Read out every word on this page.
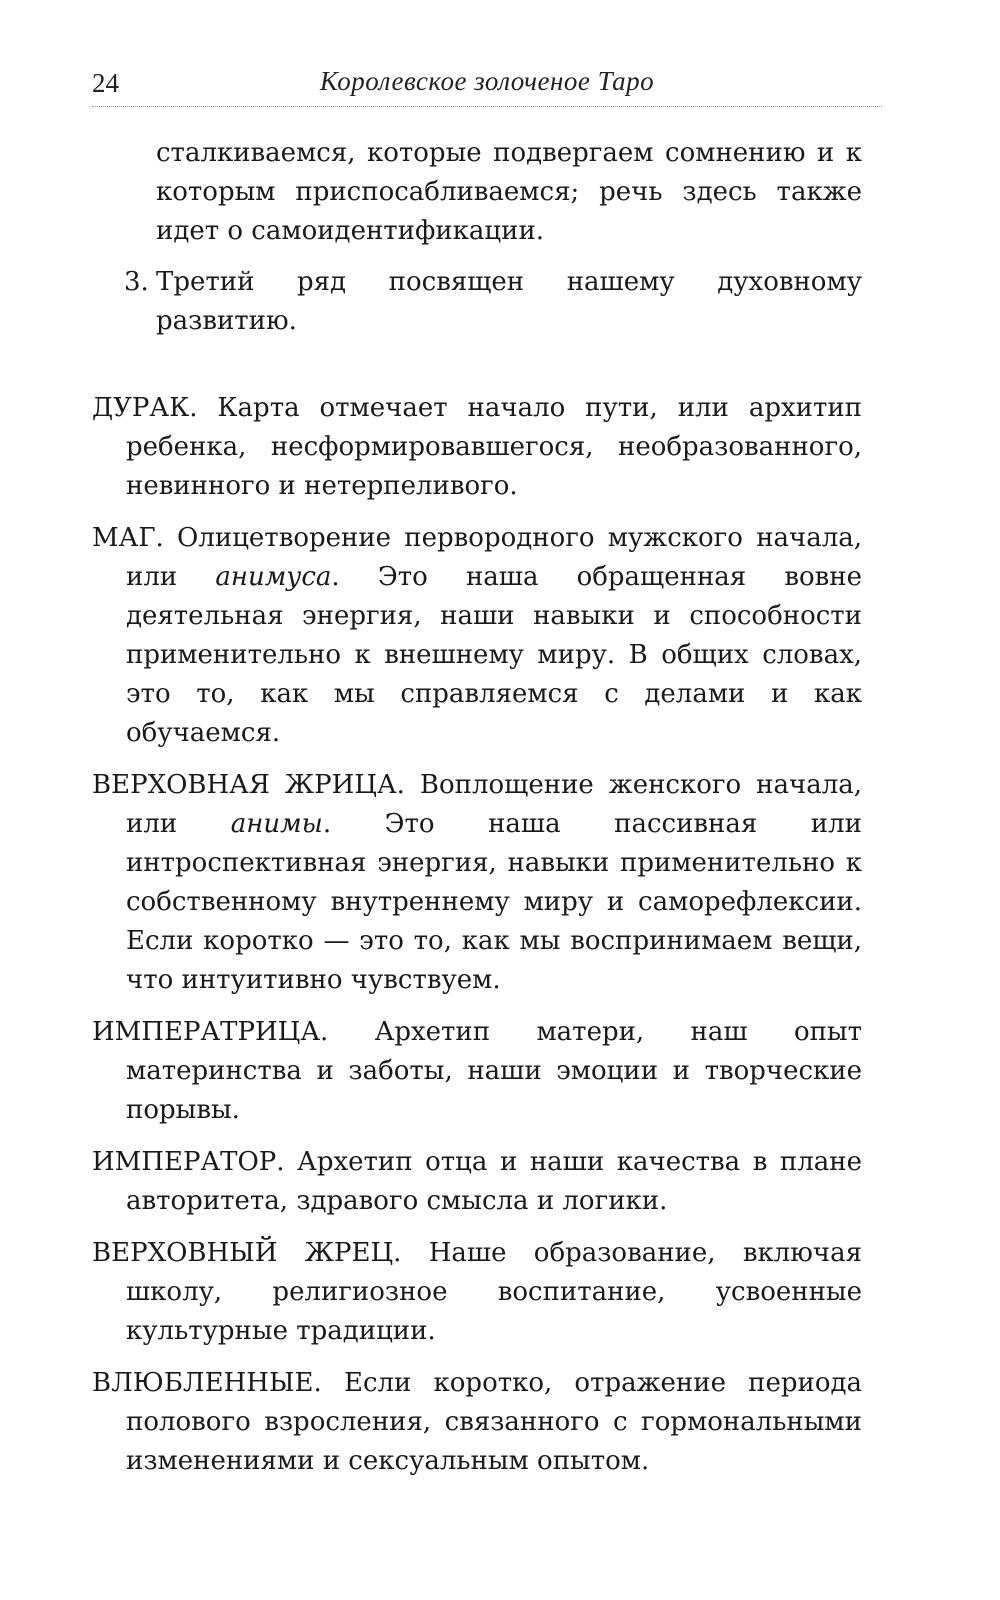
24	Королевское золоченое Таро

сталкиваемся, которые подвергаем сомнению и к которым приспосабливаемся; речь здесь также идет о самоидентификации.

3. Третий ряд посвящен нашему духовному развитию.

ДУРАК. Карта отмечает начало пути, или архитип ребенка, несформировавшегося, необразованного, невинного и нетерпеливого.

МАГ. Олицетворение первородного мужского начала, или анимуса. Это наша обращенная вовне деятельная энергия, наши навыки и способности применительно к внешнему миру. В общих словах, это то, как мы справляемся с делами и как обучаемся.

ВЕРХОВНАЯ ЖРИЦА. Воплощение женского начала, или анимы. Это наша пассивная или интроспективная энергия, навыки применительно к собственному внутреннему миру и саморефлексии. Если коротко — это то, как мы воспринимаем вещи, что интуитивно чувствуем.

ИМПЕРАТРИЦА. Архетип матери, наш опыт материнства и заботы, наши эмоции и творческие порывы.

ИМПЕРАТОР. Архетип отца и наши качества в плане авторитета, здравого смысла и логики.

ВЕРХОВНЫЙ ЖРЕЦ. Наше образование, включая школу, религиозное воспитание, усвоенные культурные традиции.

ВЛЮБЛЕННЫЕ. Если коротко, отражение периода полового взросления, связанного с гормональными изменениями и сексуальным опытом.
